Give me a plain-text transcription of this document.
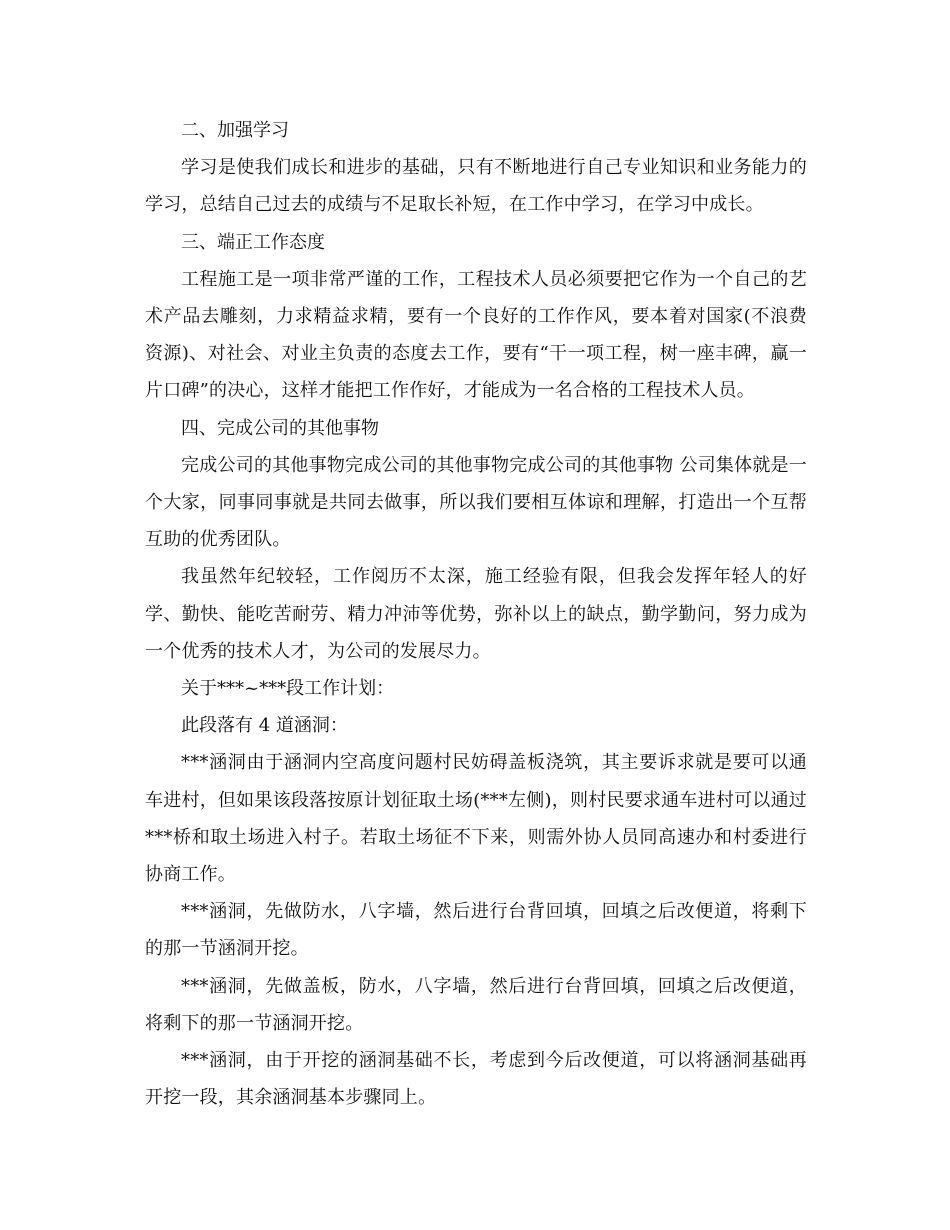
二、加强学习

学习是使我们成长和进步的基础，只有不断地进行自己专业知识和业务能力的学习，总结自己过去的成绩与不足取长补短，在工作中学习，在学习中成长。

三、端正工作态度

工程施工是一项非常严谨的工作，工程技术人员必须要把它作为一个自己的艺术产品去雕刻，力求精益求精，要有一个良好的工作作风，要本着对国家(不浪费资源)、对社会、对业主负责的态度去工作，要有“干一项工程，树一座丰碑，赢一片口碑”的决心，这样才能把工作作好，才能成为一名合格的工程技术人员。

四、完成公司的其他事物

完成公司的其他事物完成公司的其他事物完成公司的其他事物 公司集体就是一个大家，同事同事就是共同去做事，所以我们要相互体谅和理解，打造出一个互帮互助的优秀团队。

我虽然年纪较轻，工作阅历不太深，施工经验有限，但我会发挥年轻人的好学、勤快、能吃苦耐劳、精力冲沛等优势，弥补以上的缺点，勤学勤问，努力成为一个优秀的技术人才，为公司的发展尽力。

关于***~***段工作计划：

此段落有 4 道涵洞：

***涵洞由于涵洞内空高度问题村民妨碍盖板浇筑，其主要诉求就是要可以通车进村，但如果该段落按原计划征取土场(***左侧)，则村民要求通车进村可以通过***桥和取土场进入村子。若取土场征不下来，则需外协人员同高速办和村委进行协商工作。

***涵洞，先做防水，八字墙，然后进行台背回填，回填之后改便道，将剩下的那一节涵洞开挖。

***涵洞，先做盖板，防水，八字墙，然后进行台背回填，回填之后改便道，将剩下的那一节涵洞开挖。

***涵洞，由于开挖的涵洞基础不长，考虑到今后改便道，可以将涵洞基础再开挖一段，其余涵洞基本步骤同上。
